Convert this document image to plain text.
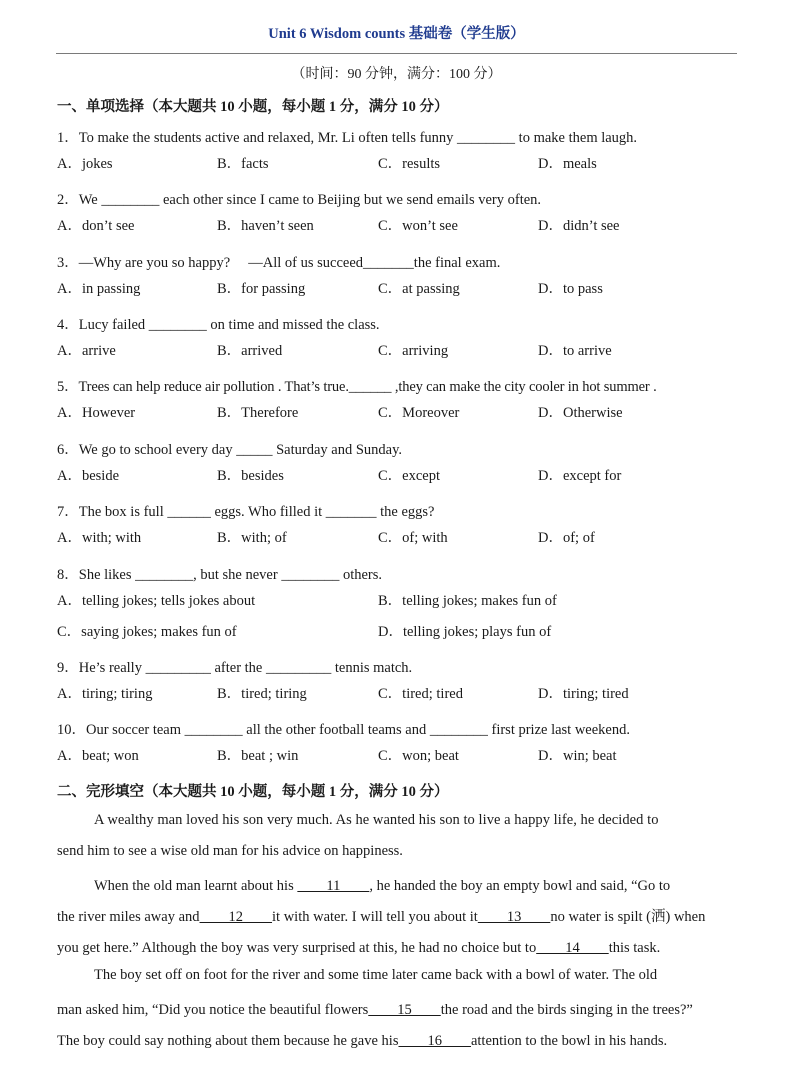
Unit 6 Wisdom counts 基础卷（学生版）
（时间：90 分钟，满分：100 分）
一、单项选择（本大题共 10 小题，每小题 1 分，满分 10 分）
1．To make the students active and relaxed, Mr. Li often tells funny ________ to make them laugh.
A．jokes	B．facts	C．results	D．meals
2．We ________ each other since I came to Beijing but we send emails very often.
A．don’t see	B．haven’t seen	C．won’t see	D．didn’t see
3．—Why are you so happy?　 —All of us succeed_______the final exam.
A．in passing	B．for passing	C．at passing	D．to pass
4．Lucy failed ________ on time and missed the class.
A．arrive	B．arrived	C．arriving	D．to arrive
5．Trees can help reduce air pollution . That’s true.______ ,they can make the city cooler in hot summer .
A．However	B．Therefore	C．Moreover	D．Otherwise
6．We go to school every day _____ Saturday and Sunday.
A．beside	B．besides	C．except	D．except for
7．The box is full ______ eggs. Who filled it _______ the eggs?
A．with; with	B．with; of	C．of; with	D．of; of
8．She likes ________, but she never ________ others.
A．telling jokes; tells jokes about	B．telling jokes; makes fun of
C．saying jokes; makes fun of	D．telling jokes; plays fun of
9．He’s really _________ after the _________ tennis match.
A．tiring; tiring	B．tired; tiring	C．tired; tired	D．tiring; tired
10．Our soccer team ________ all the other football teams and ________ first prize last weekend.
A．beat; won	B．beat ; win	C．won; beat	D．win; beat
二、完形填空（本大题共 10 小题，每小题 1 分，满分 10 分）
A wealthy man loved his son very much. As he wanted his son to live a happy life, he decided to
send him to see a wise old man for his advice on happiness.
When the old man learnt about his 　　11　　, he handed the boy an empty bowl and said, “Go to
the river miles away and　　12　　it with water. I will tell you about it　　13　　no water is spilt (洒) when
you get here.” Although the boy was very surprised at this, he had no choice but to　　14　　this task.
The boy set off on foot for the river and some time later came back with a bowl of water. The old
man asked him, “Did you notice the beautiful flowers　　15　　the road and the birds singing in the trees?”
The boy could say nothing about them because he gave his　　16　　attention to the bowl in his hands.
